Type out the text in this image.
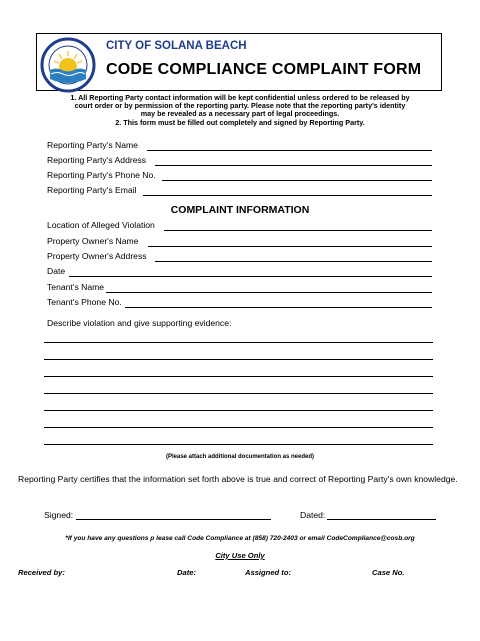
CITY OF SOLANA BEACH
CODE COMPLIANCE COMPLAINT FORM
1. All Reporting Party contact information will be kept confidential unless ordered to be released by
court order or by permission of the reporting party. Please note that the reporting party's identity
may be revealed as a necessary part of legal proceedings.
2. This form must be filled out completely and signed by Reporting Party.
Reporting Party's Name
Reporting Party's Address
Reporting Party's Phone No.
Reporting Party's Email
COMPLAINT INFORMATION
Location of Alleged Violation
Property Owner's Name
Property Owner's Address
Date
Tenant's Name
Tenant's Phone No.
Describe violation and give supporting evidence:
(Please attach additional documentation as needed)
Reporting Party certifies that the information set forth above is true and correct of Reporting Party's own knowledge.
Signed:	Dated:
*If you have any questions p lease call Code Compliance at (858) 720-2403 or email CodeCompliance@cosb.org
City Use Only
Received by:	Date:	Assigned to:	Case No.
